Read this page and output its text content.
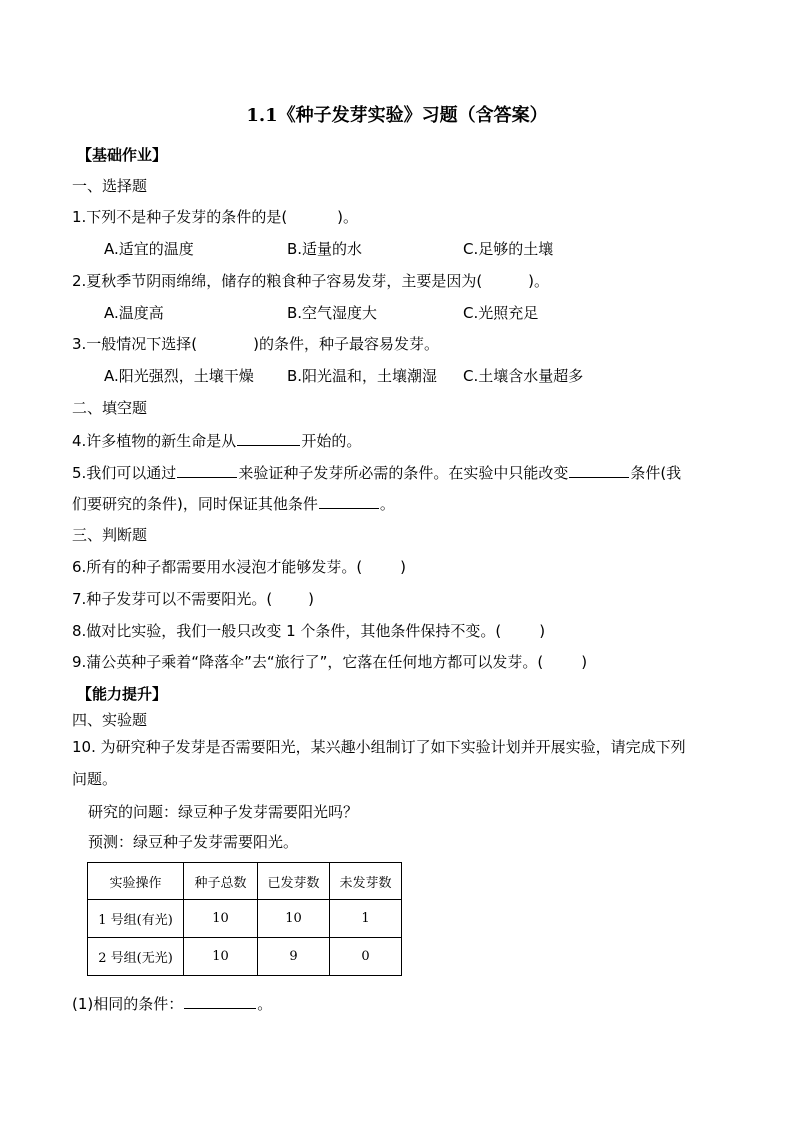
1.1《种子发芽实验》习题（含答案）
【基础作业】
一、选择题
1.下列不是种子发芽的条件的是(	)。
A.适宜的温度	B.适量的水	C.足够的土壤
2.夏秋季节阴雨绵绵，储存的粮食种子容易发芽，主要是因为(	)。
A.温度高	B.空气湿度大	C.光照充足
3.一般情况下选择(	)的条件，种子最容易发芽。
A.阳光强烈，土壤干燥 B.阳光温和，土壤潮湿 C.土壤含水量超多
二、填空题
4.许多植物的新生命是从	开始的。
5.我们可以通过	来验证种子发芽所必需的条件。在实验中只能改变	条件(我
们要研究的条件)，同时保证其他条件	。
三、判断题
6.所有的种子都需要用水浸泡才能够发芽。(	)
7.种子发芽可以不需要阳光。( )
8.做对比实验，我们一般只改变 1 个条件，其他条件保持不变。(	)
9.蒲公英种子乘着“降落伞”去“旅行了”，它落在任何地方都可以发芽。(	)
【能力提升】
四、实验题
10. 为研究种子发芽是否需要阳光，某兴趣小组制订了如下实验计划并开展实验，请完成下列
问题。
研究的问题：绿豆种子发芽需要阳光吗？
预测：绿豆种子发芽需要阳光。
实验操作	种子总数	已发芽数	未发芽数
1 号组(有光)	10	10	1
2 号组(无光)	10	9	0
(1)相同的条件：	。
